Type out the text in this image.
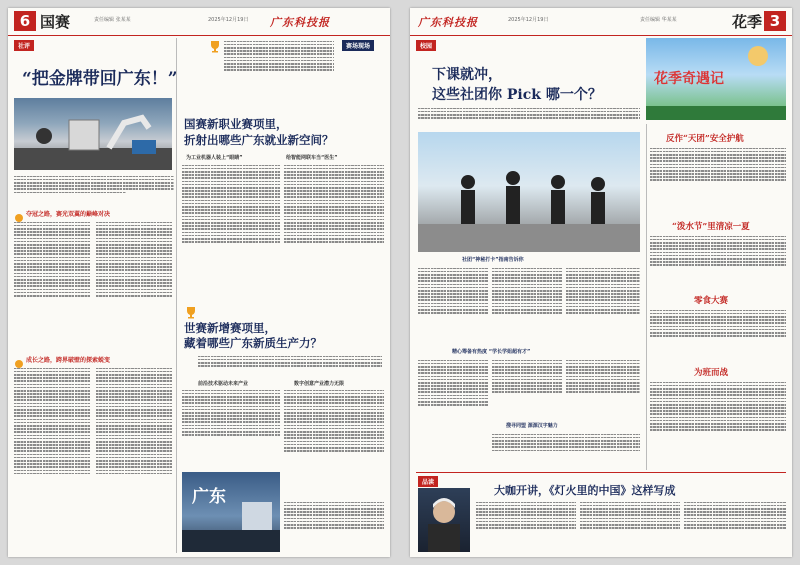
6 国赛	责任编辑 张某某	2025年12月19日 广东科技报
社评
“把金牌带回广东！”
夺冠之路，赛光双翼的巅峰对决
成长之路，跨界破壁的探索蜕变
赛场现场
国赛新职业赛项里，
折射出哪些广东就业新空间？
为工业机器人装上“眼睛”	给智能网联车当“医生”
世赛新增赛项里，
藏着哪些广东新质生产力？
前沿技术驱动未来产业	数字创意产业潜力无限
广东
广东科技报	2025年12月19日	责任编辑 华某某	花季 3
校园
下课就冲，
这些社团你 Pick 哪一个？
花季奇遇记
社团“神秘打卡”指南告诉你
精心筹备有热度 “学长学姐超有才”
搜寻同盟 源源汉字魅力
反作“天团”安全护航
“泼水节”里清凉一夏
零食大赛
为班而战
品读
大咖开讲，《灯火里的中国》这样写成
